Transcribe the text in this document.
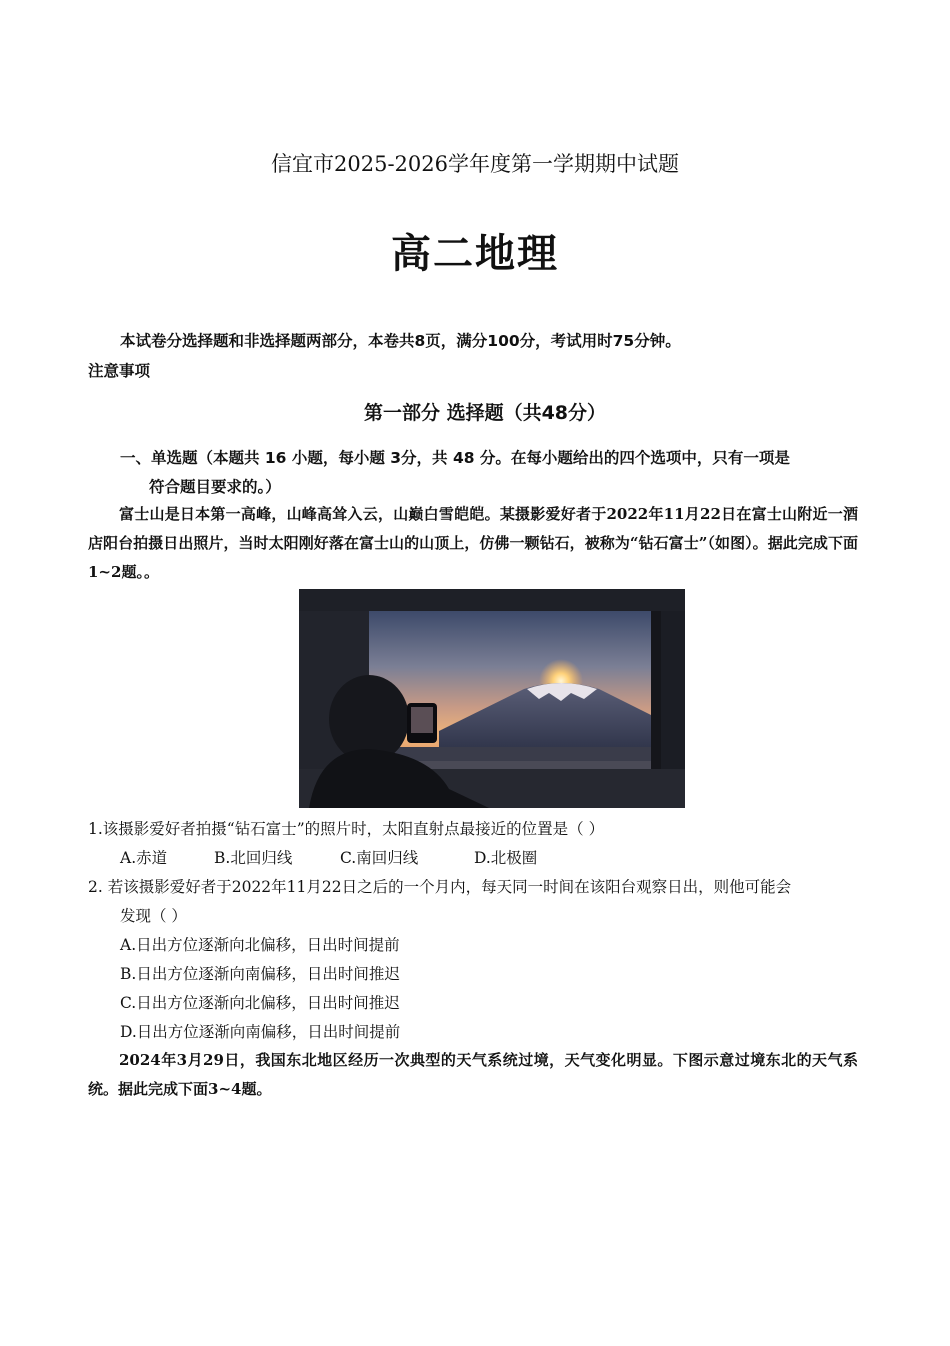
信宜市2025-2026学年度第一学期期中试题
高二地理
本试卷分选择题和非选择题两部分，本卷共8页，满分100分，考试用时75分钟。
注意事项
第一部分 选择题（共48分）
一、单选题（本题共 16 小题，每小题 3分，共 48 分。在每小题给出的四个选项中，只有一项是
符合题目要求的。）
富士山是日本第一高峰，山峰高耸入云，山巅白雪皑皑。某摄影爱好者于2022年11月22日在富士山附近一酒店阳台拍摄日出照片，当时太阳刚好落在富士山的山顶上，仿佛一颗钻石，被称为“钻石富士”（如图）。据此完成下面1~2题。。
1.该摄影爱好者拍摄“钻石富士”的照片时，太阳直射点最接近的位置是（ ）
A.赤道	B.北回归线	C.南回归线	D.北极圈
2. 若该摄影爱好者于2022年11月22日之后的一个月内，每天同一时间在该阳台观察日出，则他可能会
发现（ ）
A.日出方位逐渐向北偏移，日出时间提前
B.日出方位逐渐向南偏移，日出时间推迟
C.日出方位逐渐向北偏移，日出时间推迟
D.日出方位逐渐向南偏移，日出时间提前
2024年3月29日，我国东北地区经历一次典型的天气系统过境，天气变化明显。下图示意过境东北的天气系统。据此完成下面3~4题。
